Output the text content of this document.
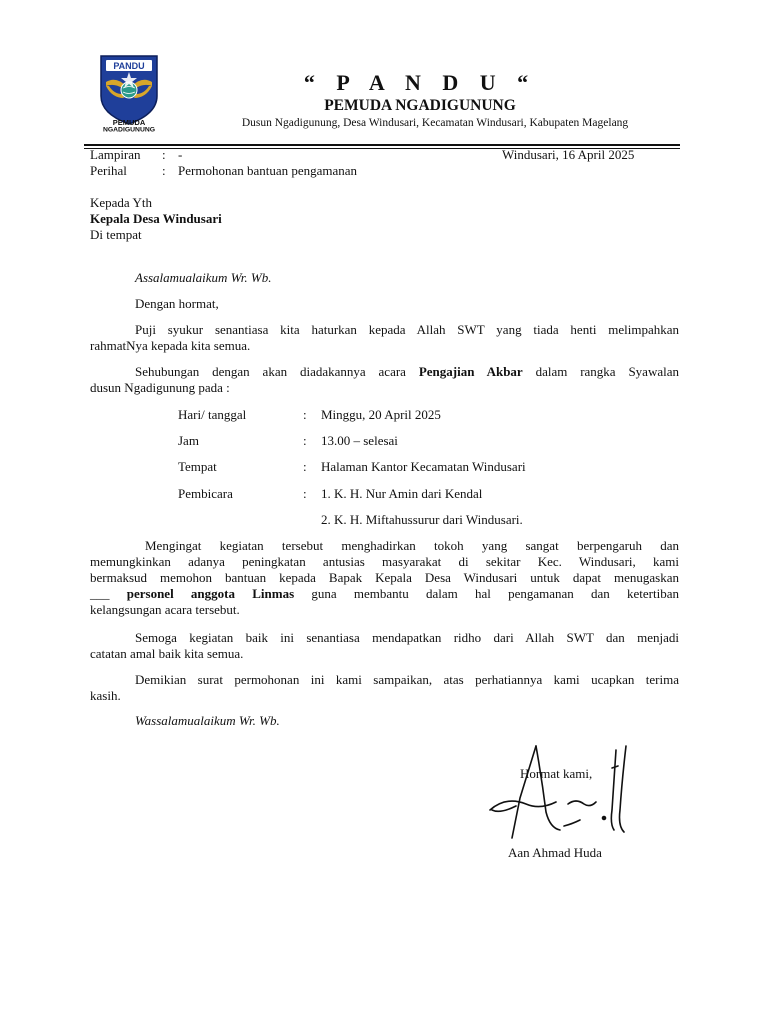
PANDU
PEMUDA
NGADIGUNUNG
“ P A N D U “
PEMUDA NGADIGUNUNG
Dusun Ngadigunung, Desa Windusari, Kecamatan Windusari, Kabupaten Magelang
Lampiran : -	Windusari, 16 April 2025
Perihal	: Permohonan bantuan pengamanan
Kepada Yth
Kepala Desa Windusari
Di tempat
Assalamualaikum Wr. Wb.
Dengan hormat,
Puji syukur senantiasa kita haturkan kepada Allah SWT yang tiada henti melimpahkan
rahmatNya kepada kita semua.
Sehubungan dengan akan diadakannya acara Pengajian Akbar dalam rangka Syawalan
dusun Ngadigunung pada :
Hari/ tanggal	: Minggu, 20 April 2025
Jam	: 13.00 – selesai
Tempat	: Halaman Kantor Kecamatan Windusari
Pembicara	: 1. K. H. Nur Amin dari Kendal
2. K. H. Miftahussurur dari Windusari.
Mengingat kegiatan tersebut menghadirkan tokoh yang sangat berpengaruh dan
memungkinkan adanya peningkatan antusias masyarakat di sekitar Kec. Windusari, kami
bermaksud memohon bantuan kepada Bapak Kepala Desa Windusari untuk dapat menugaskan
___ personel anggota Linmas guna membantu dalam hal pengamanan dan ketertiban
kelangsungan acara tersebut.
Semoga kegiatan baik ini senantiasa mendapatkan ridho dari Allah SWT dan menjadi
catatan amal baik kita semua.
Demikian surat permohonan ini kami sampaikan, atas perhatiannya kami ucapkan terima
kasih.
Wassalamualaikum Wr. Wb.
Hormat kami,
Aan Ahmad Huda
